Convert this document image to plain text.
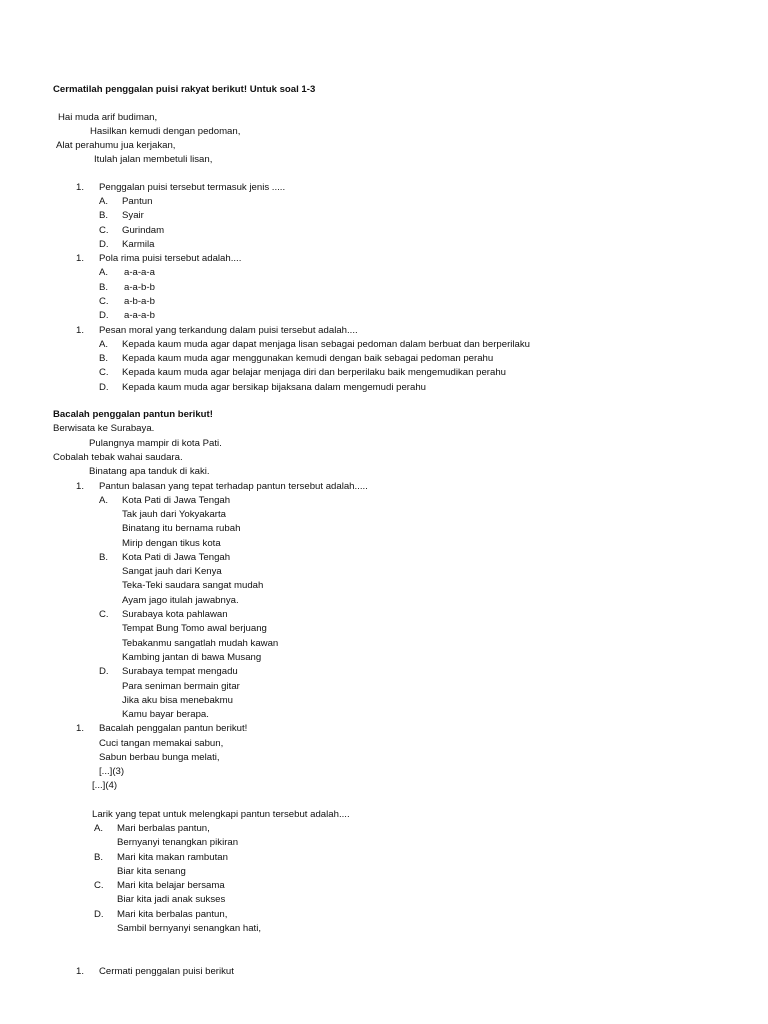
Cermatilah penggalan puisi rakyat berikut! Untuk soal 1-3
Hai muda arif budiman,
Hasilkan kemudi dengan pedoman,
Alat perahumu jua kerjakan,
Itulah jalan membetuli lisan,
1. Penggalan puisi tersebut termasuk jenis .....
A. Pantun
B. Syair
C. Gurindam
D. Karmila
1. Pola rima puisi tersebut adalah....
A. a-a-a-a
B. a-a-b-b
C. a-b-a-b
D. a-a-a-b
1. Pesan moral yang terkandung dalam puisi tersebut adalah....
A. Kepada kaum muda agar dapat menjaga lisan sebagai pedoman dalam berbuat dan berperilaku
B. Kepada kaum muda agar menggunakan kemudi dengan baik sebagai pedoman perahu
C. Kepada kaum muda agar belajar menjaga diri dan berperilaku baik mengemudikan perahu
D. Kepada kaum muda agar bersikap bijaksana dalam mengemudi perahu
Bacalah penggalan pantun berikut!
Berwisata ke Surabaya.
Pulangnya mampir di kota Pati.
Cobalah tebak wahai saudara.
Binatang apa tanduk di kaki.
1. Pantun balasan yang tepat terhadap pantun tersebut adalah.....
A. Kota Pati di Jawa Tengah
Tak jauh dari Yokyakarta
Binatang itu bernama rubah
Mirip dengan tikus kota
B. Kota Pati di Jawa Tengah
Sangat jauh dari Kenya
Teka-Teki saudara sangat mudah
Ayam jago itulah jawabnya.
C. Surabaya kota pahlawan
Tempat Bung Tomo awal berjuang
Tebakanmu sangatlah mudah kawan
Kambing jantan di bawa Musang
D. Surabaya tempat mengadu
Para seniman bermain gitar
Jika aku bisa menebakmu
Kamu bayar berapa.
1. Bacalah penggalan pantun berikut!
Cuci tangan memakai sabun,
Sabun berbau bunga melati,
[...](3)
[...](4)
Larik yang tepat untuk melengkapi pantun tersebut adalah....
A. Mari berbalas pantun,
Bernyanyi tenangkan pikiran
B. Mari kita makan rambutan
Biar kita senang
C. Mari kita belajar bersama
Biar kita jadi anak sukses
D. Mari kita berbalas pantun,
Sambil bernyanyi senangkan hati,
1. Cermati penggalan puisi berikut
